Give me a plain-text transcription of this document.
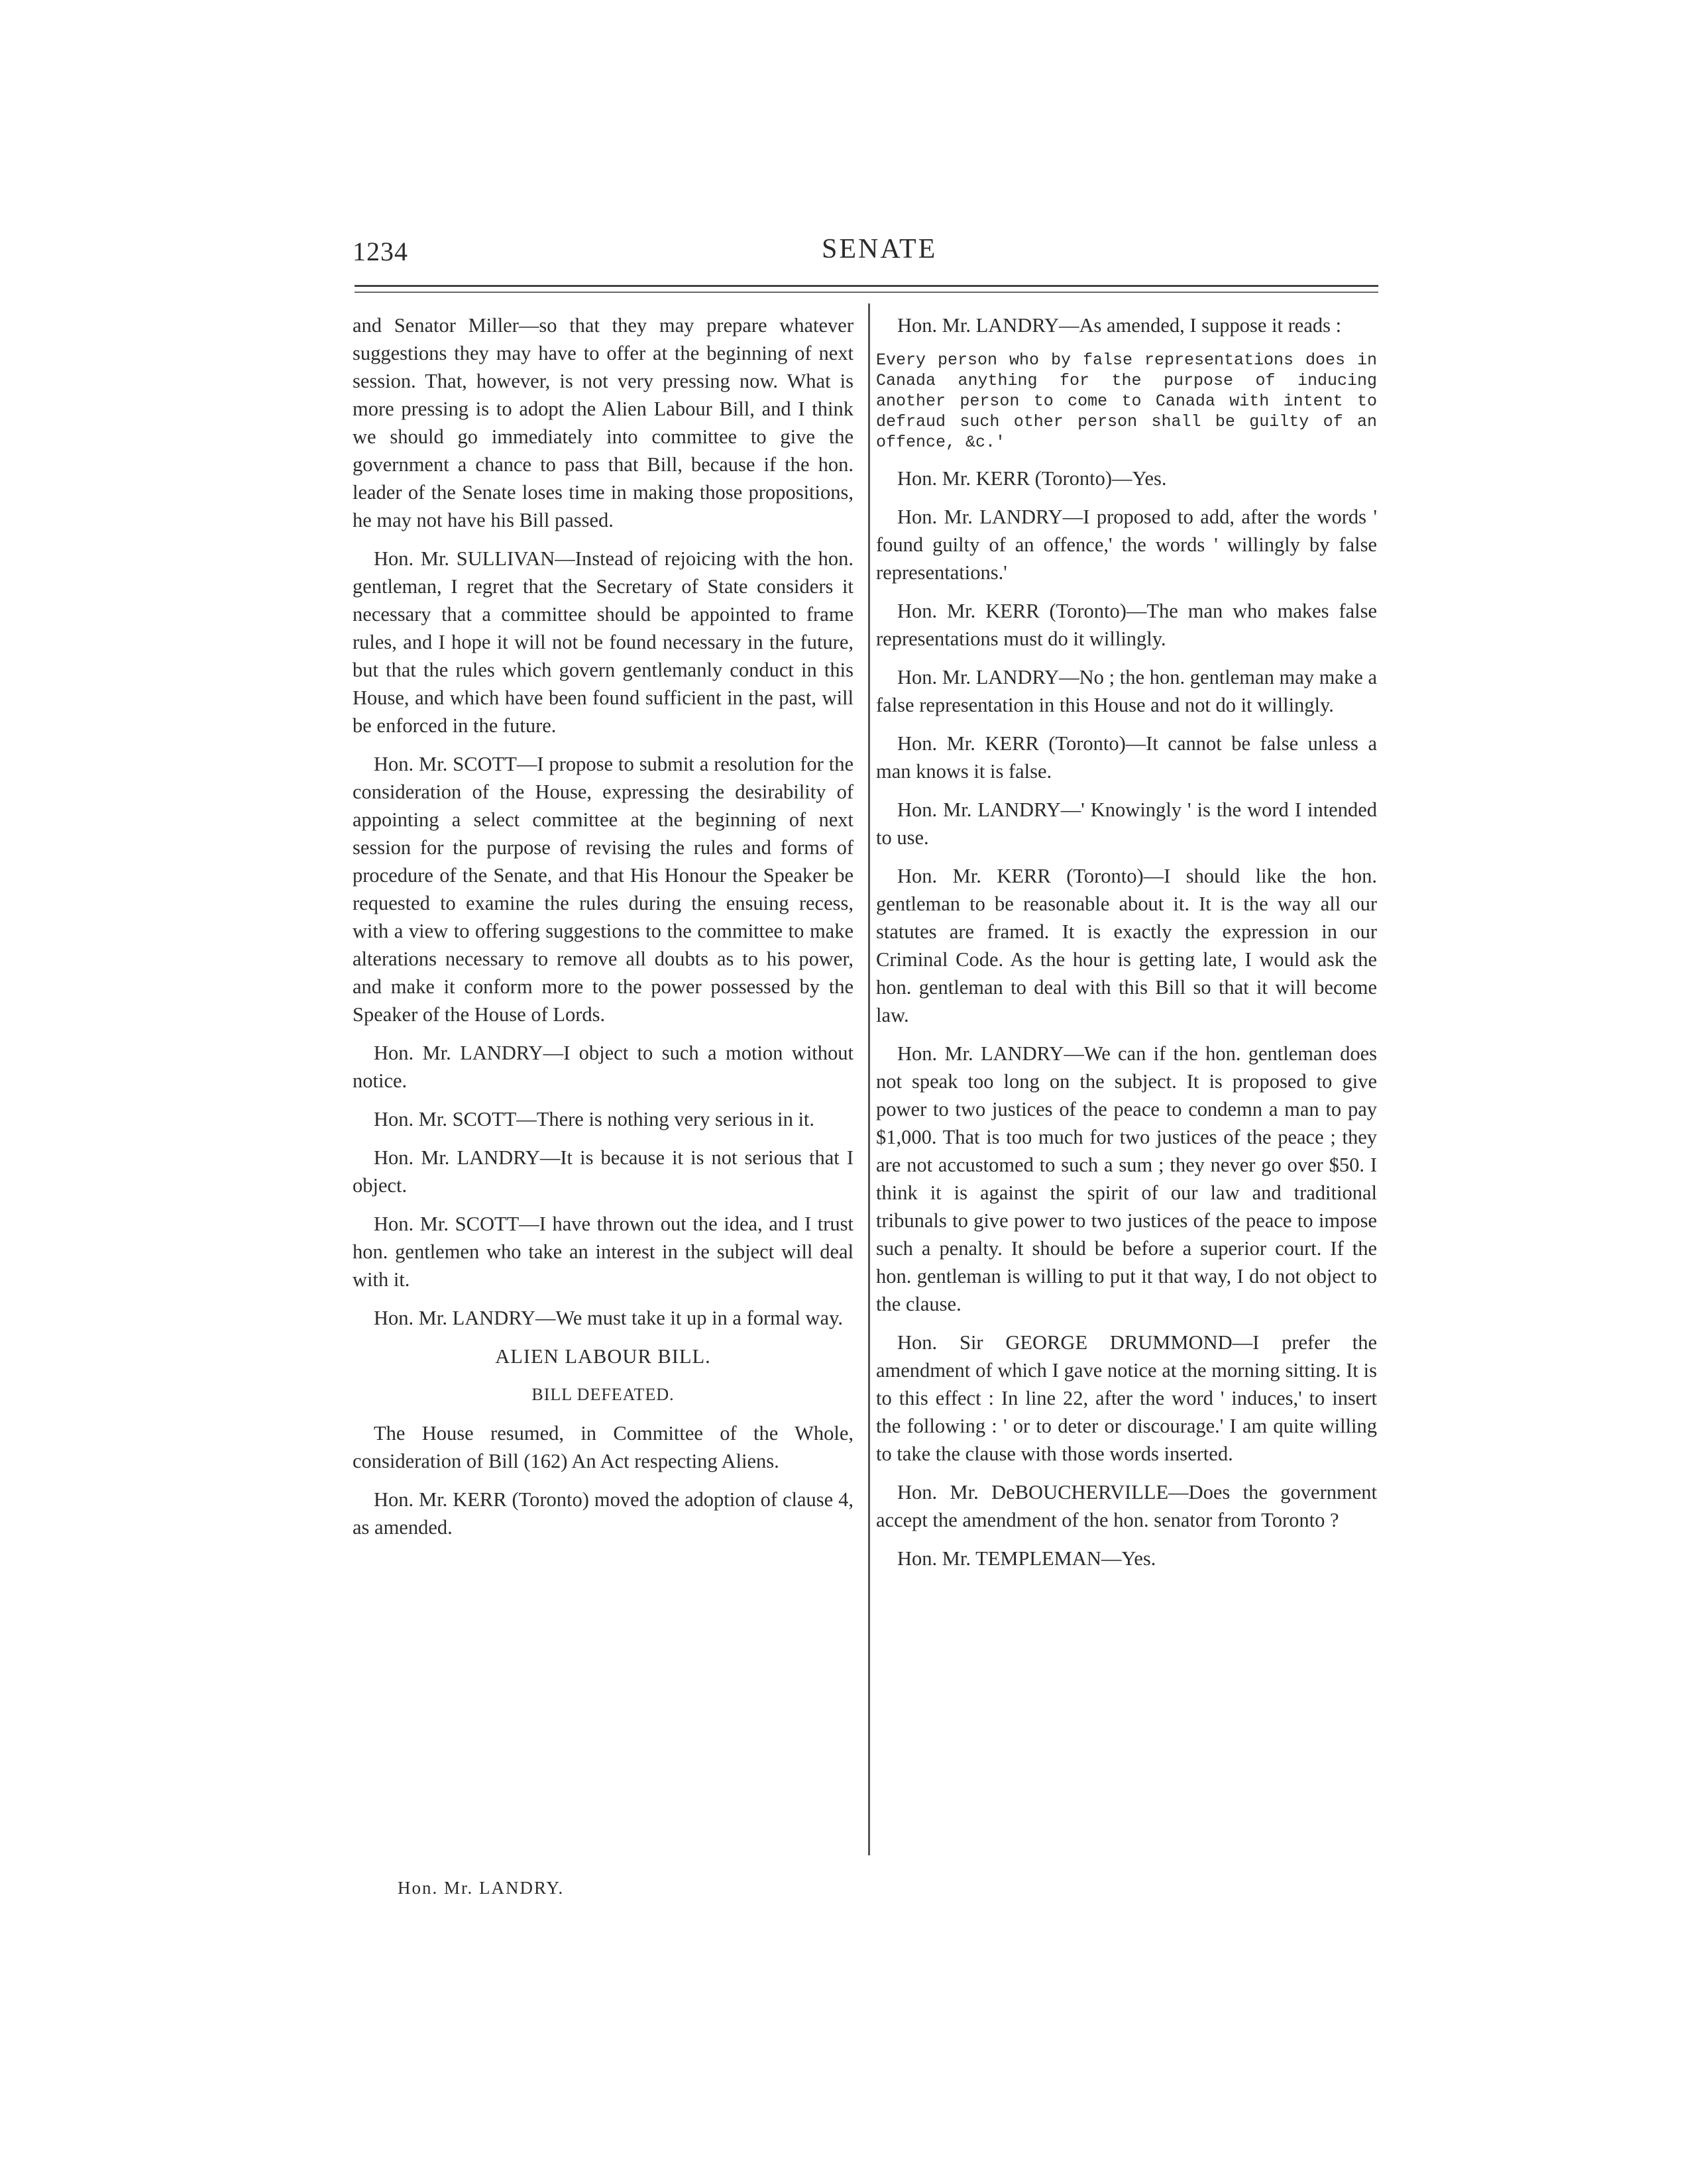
1234	SENATE

and Senator Miller—so that they may prepare whatever suggestions they may have to offer at the beginning of next session. That, however, is not very pressing now. What is more pressing is to adopt the Alien Labour Bill, and I think we should go immediately into committee to give the government a chance to pass that Bill, because if the hon. leader of the Senate loses time in making those propositions, he may not have his Bill passed.

Hon. Mr. SULLIVAN—Instead of rejoicing with the hon. gentleman, I regret that the Secretary of State considers it necessary that a committee should be appointed to frame rules, and I hope it will not be found necessary in the future, but that the rules which govern gentlemanly conduct in this House, and which have been found sufficient in the past, will be enforced in the future.

Hon. Mr. SCOTT—I propose to submit a resolution for the consideration of the House, expressing the desirability of appointing a select committee at the beginning of next session for the purpose of revising the rules and forms of procedure of the Senate, and that His Honour the Speaker be requested to examine the rules during the ensuing recess, with a view to offering suggestions to the committee to make alterations necessary to remove all doubts as to his power, and make it conform more to the power possessed by the Speaker of the House of Lords.

Hon. Mr. LANDRY—I object to such a motion without notice.

Hon. Mr. SCOTT—There is nothing very serious in it.

Hon. Mr. LANDRY—It is because it is not serious that I object.

Hon. Mr. SCOTT—I have thrown out the idea, and I trust hon. gentlemen who take an interest in the subject will deal with it.

Hon. Mr. LANDRY—We must take it up in a formal way.

ALIEN LABOUR BILL.
BILL DEFEATED.

The House resumed, in Committee of the Whole, consideration of Bill (162) An Act respecting Aliens.

Hon. Mr. KERR (Toronto) moved the adoption of clause 4, as amended.

Hon. Mr. LANDRY—As amended, I suppose it reads :

Every person who by false representations does in Canada anything for the purpose of inducing another person to come to Canada with intent to defraud such other person shall be guilty of an offence, &c.'

Hon. Mr. KERR (Toronto)—Yes.

Hon. Mr. LANDRY—I proposed to add, after the words ' found guilty of an offence,' the words ' willingly by false representations.'

Hon. Mr. KERR (Toronto)—The man who makes false representations must do it willingly.

Hon. Mr. LANDRY—No ; the hon. gentleman may make a false representation in this House and not do it willingly.

Hon. Mr. KERR (Toronto)—It cannot be false unless a man knows it is false.

Hon. Mr. LANDRY—' Knowingly ' is the word I intended to use.

Hon. Mr. KERR (Toronto)—I should like the hon. gentleman to be reasonable about it. It is the way all our statutes are framed. It is exactly the expression in our Criminal Code. As the hour is getting late, I would ask the hon. gentleman to deal with this Bill so that it will become law.

Hon. Mr. LANDRY—We can if the hon. gentleman does not speak too long on the subject. It is proposed to give power to two justices of the peace to condemn a man to pay $1,000. That is too much for two justices of the peace ; they are not accustomed to such a sum ; they never go over $50. I think it is against the spirit of our law and traditional tribunals to give power to two justices of the peace to impose such a penalty. It should be before a superior court. If the hon. gentleman is willing to put it that way, I do not object to the clause.

Hon. Sir GEORGE DRUMMOND—I prefer the amendment of which I gave notice at the morning sitting. It is to this effect : In line 22, after the word ' induces,' to insert the following : ' or to deter or discourage.' I am quite willing to take the clause with those words inserted.

Hon. Mr. DeBOUCHERVILLE—Does the government accept the amendment of the hon. senator from Toronto ?

Hon. Mr. TEMPLEMAN—Yes.

Hon. Mr. LANDRY.
